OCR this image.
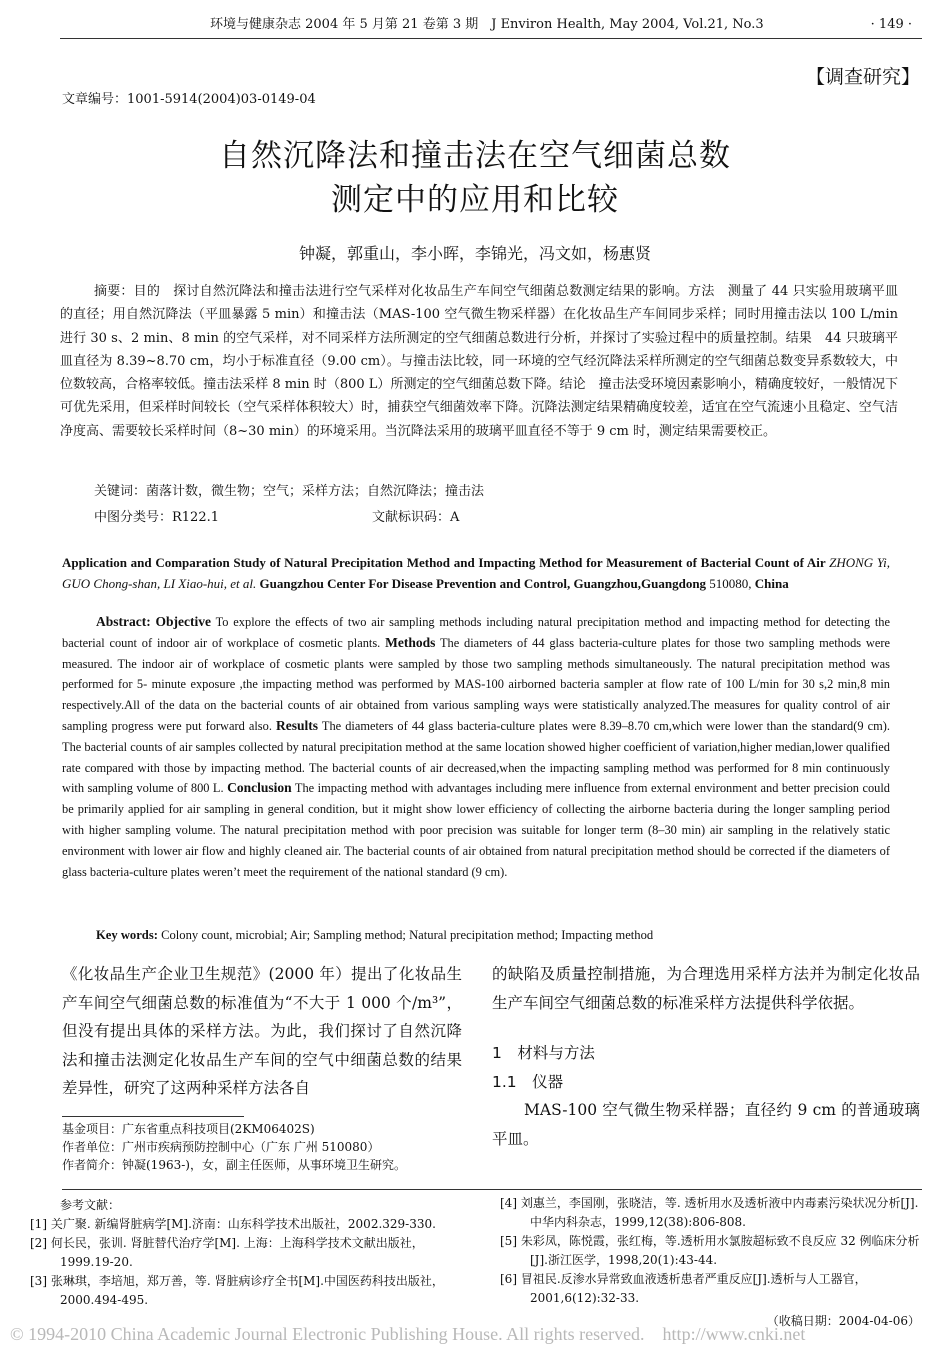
环境与健康杂志 2004 年 5 月第 21 卷第 3 期　J Environ Health, May 2004, Vol.21, No.3	· 149 ·
【调查研究】
文章编号：1001-5914(2004)03-0149-04
自然沉降法和撞击法在空气细菌总数
测定中的应用和比较
钟凝，郭重山，李小晖，李锦光，冯文如，杨惠贤

摘要：目的　探讨自然沉降法和撞击法进行空气采样对化妆品生产车间空气细菌总数测定结果的影响。方法　测量了 44 只实验用玻璃平皿的直径；用自然沉降法（平皿暴露 5 min）和撞击法（MAS-100 空气微生物采样器）在化妆品生产车间同步采样；同时用撞击法以 100 L/min 进行 30 s、2 min、8 min 的空气采样，对不同采样方法所测定的空气细菌总数进行分析，并探讨了实验过程中的质量控制。结果　44 只玻璃平皿直径为 8.39~8.70 cm，均小于标准直径（9.00 cm）。与撞击法比较，同一环境的空气经沉降法采样所测定的空气细菌总数变异系数较大，中位数较高，合格率较低。撞击法采样 8 min 时（800 L）所测定的空气细菌总数下降。结论　撞击法受环境因素影响小，精确度较好，一般情况下可优先采用，但采样时间较长（空气采样体积较大）时，捕获空气细菌效率下降。沉降法测定结果精确度较差，适宜在空气流速小且稳定、空气洁净度高、需要较长采样时间（8~30 min）的环境采用。当沉降法采用的玻璃平皿直径不等于 9 cm 时，测定结果需要校正。

关键词：菌落计数，微生物；空气；采样方法；自然沉降法；撞击法
中图分类号：R122.1	文献标识码：A
Application and Comparation Study of Natural Precipitation Method and Impacting Method for Measurement of Bacterial Count of Air ZHONG Yi, GUO Chong-shan, LI Xiao-hui, et al. Guangzhou Center For Disease Prevention and Control, Guangzhou,Guangdong 510080, China

Abstract: Objective To explore the effects of two air sampling methods including natural precipitation method and impacting method for detecting the bacterial count of indoor air of workplace of cosmetic plants. Methods The diameters of 44 glass bacteria-culture plates for those two sampling methods were measured. The indoor air of workplace of cosmetic plants were sampled by those two sampling methods simultaneously. The natural precipitation method was performed for 5- minute exposure ,the impacting method was performed by MAS-100 airborned bacteria sampler at flow rate of 100 L/min for 30 s,2 min,8 min respectively.All of the data on the bacterial counts of air obtained from various sampling ways were statistically analyzed.The measures for quality control of air sampling progress were put forward also. Results The diameters of 44 glass bacteria-culture plates were 8.39–8.70 cm,which were lower than the standard(9 cm). The bacterial counts of air samples collected by natural precipitation method at the same location showed higher coefficient of variation,higher median,lower qualified rate compared with those by impacting method. The bacterial counts of air decreased,when the impacting sampling method was performed for 8 min continuously with sampling volume of 800 L. Conclusion The impacting method with advantages including mere influence from external environment and better precision could be primarily applied for air sampling in general condition, but it might show lower efficiency of collecting the airborne bacteria during the longer sampling period with higher sampling volume. The natural precipitation method with poor precision was suitable for longer term (8–30 min) air sampling in the relatively static environment with lower air flow and highly cleaned air. The bacterial counts of air obtained from natural precipitation method should be corrected if the diameters of glass bacteria-culture plates weren’t meet the requirement of the national standard (9 cm).

Key words: Colony count, microbial; Air; Sampling method; Natural precipitation method; Impacting method

《化妆品生产企业卫生规范》(2000 年）提出了化妆品生产车间空气细菌总数的标准值为“不大于 1 000 个/m³”，但没有提出具体的采样方法。为此，我们探讨了自然沉降法和撞击法测定化妆品生产车间的空气中细菌总数的结果差异性，研究了这两种采样方法各自

的缺陷及质量控制措施，为合理选用采样方法并为制定化妆品生产车间空气细菌总数的标准采样方法提供科学依据。

1　材料与方法

1.1　仪器

MAS-100 空气微生物采样器；直径约 9 cm 的普通玻璃平皿。

基金项目：广东省重点科技项目(2KM06402S)
作者单位：广州市疾病预防控制中心（广东 广州 510080）
作者简介：钟凝(1963-)，女，副主任医师，从事环境卫生研究。
参考文献：

[1] 关广聚. 新编肾脏病学[M].济南：山东科学技术出版社，2002.329-330.

[2] 何长民，张训. 肾脏替代治疗学[M]. 上海：上海科学技术文献出版社，1999.19-20.

[3] 张琳琪，李培旭，郑万善，等. 肾脏病诊疗全书[M].中国医药科技出版社，2000.494-495.

[4] 刘惠兰，李国刚，张晓洁，等. 透析用水及透析液中内毒素污染状况分析[J].中华内科杂志，1999,12(38):806-808.

[5] 朱彩凤，陈悦霞，张红梅，等.透析用水氯胺超标致不良反应 32 例临床分析[J].浙江医学，1998,20(1):43-44.

[6] 冒祖民.反渗水异常致血液透析患者严重反应[J].透析与人工器官，2001,6(12):32-33.

（收稿日期：2004-04-06）
© 1994-2010 China Academic Journal Electronic Publishing House. All rights reserved.　http://www.cnki.net
